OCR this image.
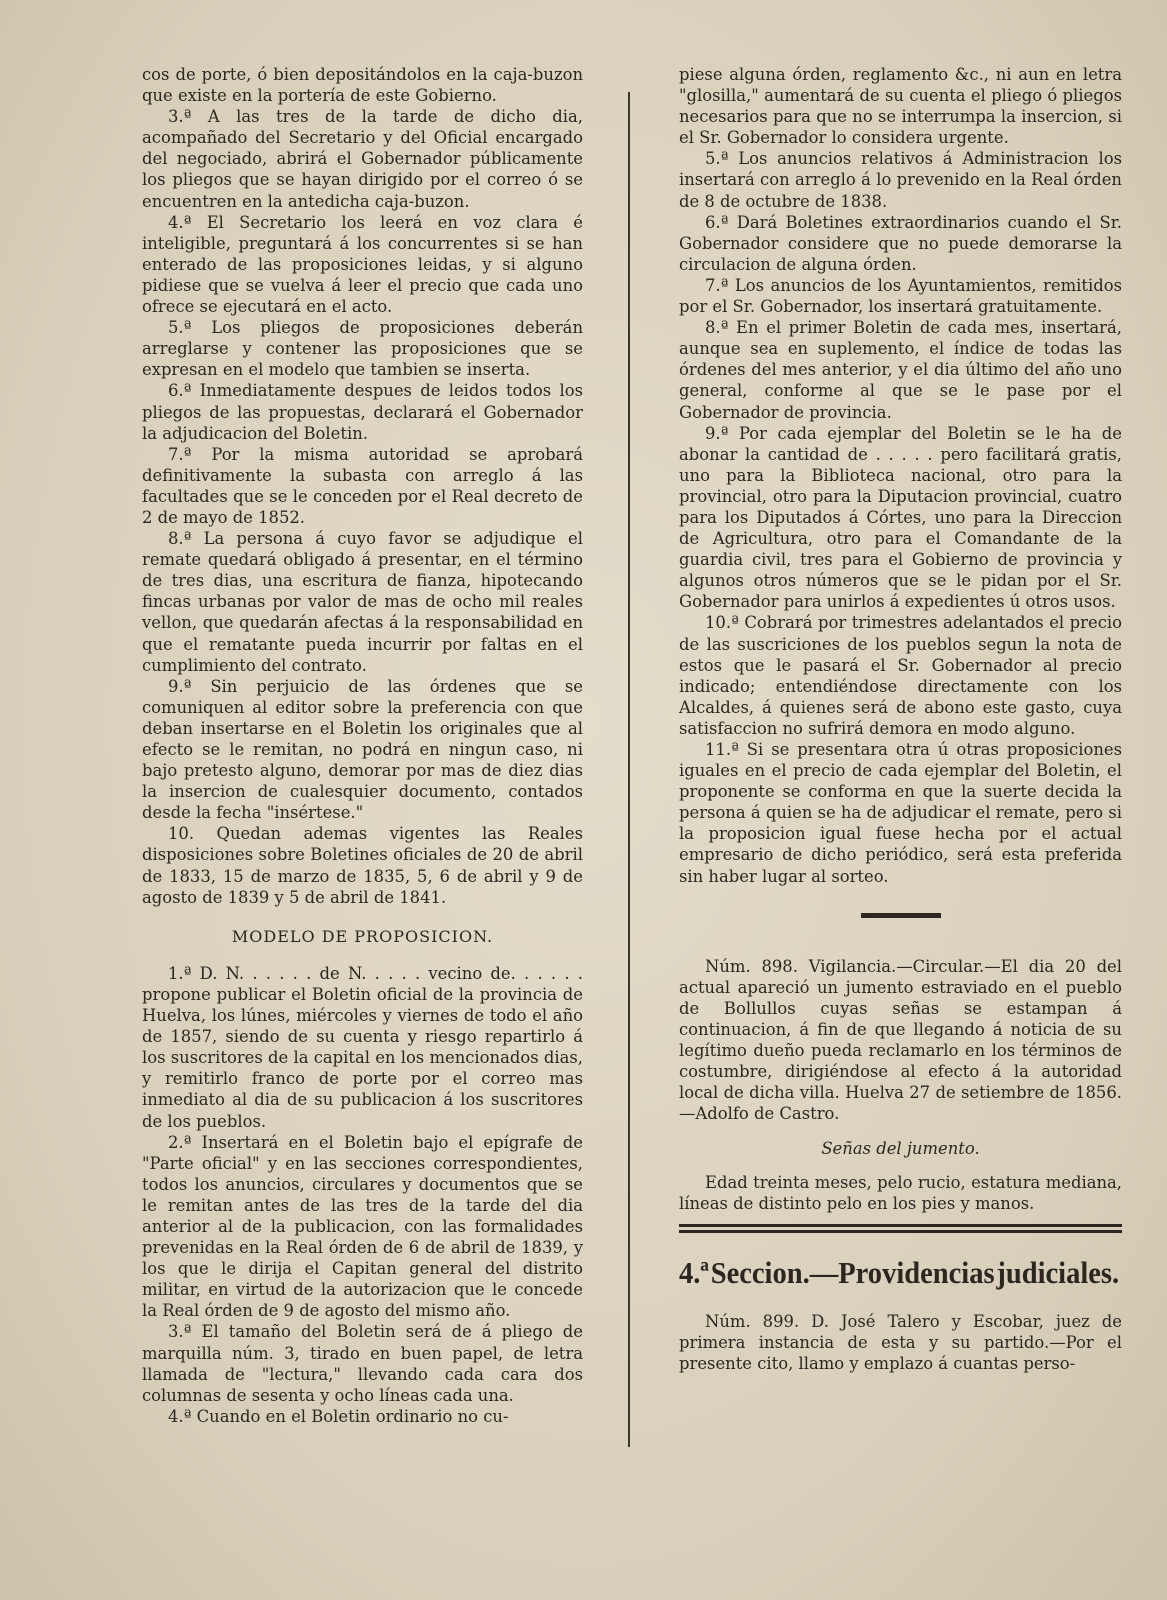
cos de porte, ó bien depositándolos en la caja-buzon que existe en la portería de este Gobierno.

3.ª A las tres de la tarde de dicho dia, acompañado del Secretario y del Oficial encargado del negociado, abrirá el Gobernador públicamente los pliegos que se hayan dirigido por el correo ó se encuentren en la antedicha caja-buzon.

4.ª El Secretario los leerá en voz clara é inteligible, preguntará á los concurrentes si se han enterado de las proposiciones leidas, y si alguno pidiese que se vuelva á leer el precio que cada uno ofrece se ejecutará en el acto.

5.ª Los pliegos de proposiciones deberán arreglarse y contener las proposiciones que se expresan en el modelo que tambien se inserta.

6.ª Inmediatamente despues de leidos todos los pliegos de las propuestas, declarará el Gobernador la adjudicacion del Boletin.

7.ª Por la misma autoridad se aprobará definitivamente la subasta con arreglo á las facultades que se le conceden por el Real decreto de 2 de mayo de 1852.

8.ª La persona á cuyo favor se adjudique el remate quedará obligado á presentar, en el término de tres dias, una escritura de fianza, hipotecando fincas urbanas por valor de mas de ocho mil reales vellon, que quedarán afectas á la responsabilidad en que el rematante pueda incurrir por faltas en el cumplimiento del contrato.

9.ª Sin perjuicio de las órdenes que se comuniquen al editor sobre la preferencia con que deban insertarse en el Boletin los originales que al efecto se le remitan, no podrá en ningun caso, ni bajo pretesto alguno, demorar por mas de diez dias la insercion de cualesquier documento, contados desde la fecha "insértese."

10. Quedan ademas vigentes las Reales disposiciones sobre Boletines oficiales de 20 de abril de 1833, 15 de marzo de 1835, 5, 6 de abril y 9 de agosto de 1839 y 5 de abril de 1841.

MODELO DE PROPOSICION.

1.ª D. N. . . . . . de N. . . . . vecino de. . . . . . propone publicar el Boletin oficial de la provincia de Huelva, los lúnes, miércoles y viernes de todo el año de 1857, siendo de su cuenta y riesgo repartirlo á los suscritores de la capital en los mencionados dias, y remitirlo franco de porte por el correo mas inmediato al dia de su publicacion á los suscritores de los pueblos.

2.ª Insertará en el Boletin bajo el epígrafe de "Parte oficial" y en las secciones correspondientes, todos los anuncios, circulares y documentos que se le remitan antes de las tres de la tarde del dia anterior al de la publicacion, con las formalidades prevenidas en la Real órden de 6 de abril de 1839, y los que le dirija el Capitan general del distrito militar, en virtud de la autorizacion que le concede la Real órden de 9 de agosto del mismo año.

3.ª El tamaño del Boletin será de á pliego de marquilla núm. 3, tirado en buen papel, de letra llamada de "lectura," llevando cada cara dos columnas de sesenta y ocho líneas cada una.

4.ª Cuando en el Boletin ordinario no cu-

piese alguna órden, reglamento &c., ni aun en letra "glosilla," aumentará de su cuenta el pliego ó pliegos necesarios para que no se interrumpa la insercion, si el Sr. Gobernador lo considera urgente.

5.ª Los anuncios relativos á Administracion los insertará con arreglo á lo prevenido en la Real órden de 8 de octubre de 1838.

6.ª Dará Boletines extraordinarios cuando el Sr. Gobernador considere que no puede demorarse la circulacion de alguna órden.

7.ª Los anuncios de los Ayuntamientos, remitidos por el Sr. Gobernador, los insertará gratuitamente.

8.ª En el primer Boletin de cada mes, insertará, aunque sea en suplemento, el índice de todas las órdenes del mes anterior, y el dia último del año uno general, conforme al que se le pase por el Gobernador de provincia.

9.ª Por cada ejemplar del Boletin se le ha de abonar la cantidad de . . . . . pero facilitará gratis, uno para la Biblioteca nacional, otro para la provincial, otro para la Diputacion provincial, cuatro para los Diputados á Córtes, uno para la Direccion de Agricultura, otro para el Comandante de la guardia civil, tres para el Gobierno de provincia y algunos otros números que se le pidan por el Sr. Gobernador para unirlos á expedientes ú otros usos.

10.ª Cobrará por trimestres adelantados el precio de las suscriciones de los pueblos segun la nota de estos que le pasará el Sr. Gobernador al precio indicado; entendiéndose directamente con los Alcaldes, á quienes será de abono este gasto, cuya satisfaccion no sufrirá demora en modo alguno.

11.ª Si se presentara otra ú otras proposiciones iguales en el precio de cada ejemplar del Boletin, el proponente se conforma en que la suerte decida la persona á quien se ha de adjudicar el remate, pero si la proposicion igual fuese hecha por el actual empresario de dicho periódico, será esta preferida sin haber lugar al sorteo.

Núm. 898. Vigilancia.—Circular.—El dia 20 del actual apareció un jumento estraviado en el pueblo de Bollullos cuyas señas se estampan á continuacion, á fin de que llegando á noticia de su legítimo dueño pueda reclamarlo en los términos de costumbre, dirigiéndose al efecto á la autoridad local de dicha villa. Huelva 27 de setiembre de 1856.—Adolfo de Castro.

Señas del jumento.

Edad treinta meses, pelo rucio, estatura mediana, líneas de distinto pelo en los pies y manos.

4.ª Seccion.—Providencias judiciales.

Núm. 899. D. José Talero y Escobar, juez de primera instancia de esta y su partido.—Por el presente cito, llamo y emplazo á cuantas perso-
